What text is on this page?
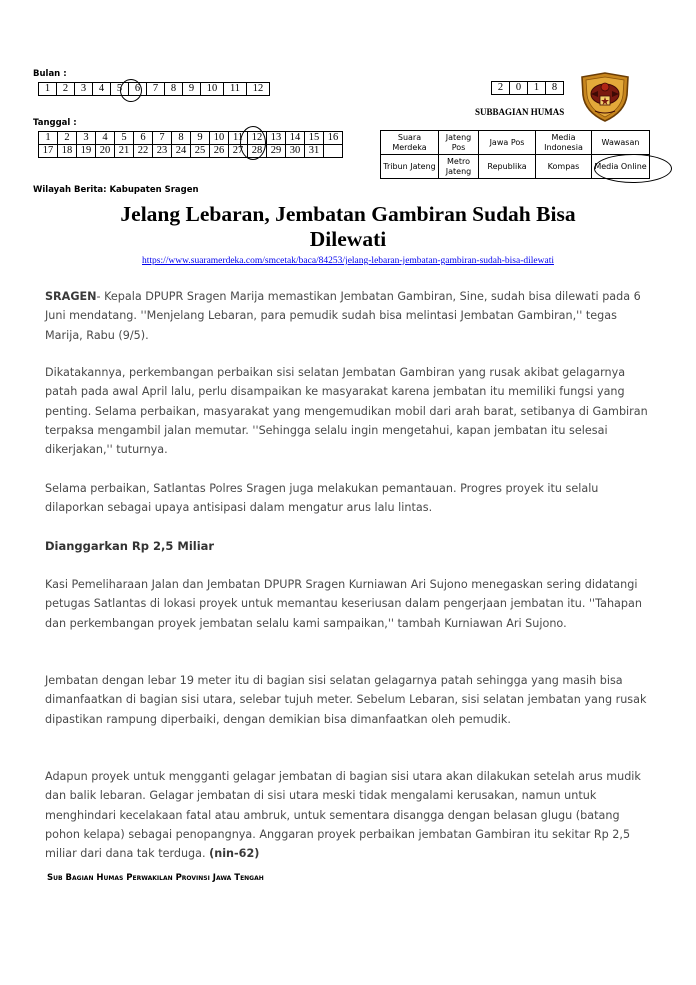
Bulan :
1	2	3	4	5	6	7	8	9	10	11	12
Tanggal :
1	2	3	4	5	6	7	8	9	10	11	12	13	14	15	16
17	18	19	20	21	22	23	24	25	26	27	28	29	30	31	
2	0	1	8
SUBBAGIAN HUMAS
Suara Merdeka	Jateng Pos	Jawa Pos	Media Indonesia	Wawasan
Tribun Jateng	Metro Jateng	Republika	Kompas	Media Online
Wilayah Berita: Kabupaten Sragen
Jelang Lebaran, Jembatan Gambiran Sudah Bisa
Dilewati
https://www.suaramerdeka.com/smcetak/baca/84253/jelang-lebaran-jembatan-gambiran-sudah-bisa-dilewati

SRAGEN- Kepala DPUPR Sragen Marija memastikan Jembatan Gambiran, Sine, sudah bisa dilewati pada 6 Juni mendatang. ''Menjelang Lebaran, para pemudik sudah bisa melintasi Jembatan Gambiran,'' tegas Marija, Rabu (9/5).

Dikatakannya, perkembangan perbaikan sisi selatan Jembatan Gambiran yang rusak akibat gelagarnya patah pada awal April lalu, perlu disampaikan ke masyarakat karena jembatan itu memiliki fungsi yang penting. Selama perbaikan, masyarakat yang mengemudikan mobil dari arah barat, setibanya di Gambiran terpaksa mengambil jalan memutar. ''Sehingga selalu ingin mengetahui, kapan jembatan itu selesai dikerjakan,'' tuturnya.

Selama perbaikan, Satlantas Polres Sragen juga melakukan pemantauan. Progres proyek itu selalu dilaporkan sebagai upaya antisipasi dalam mengatur arus lalu lintas.

Dianggarkan Rp 2,5 Miliar

Kasi Pemeliharaan Jalan dan Jembatan DPUPR Sragen Kurniawan Ari Sujono menegaskan sering didatangi petugas Satlantas di lokasi proyek untuk memantau keseriusan dalam pengerjaan jembatan itu. ''Tahapan dan perkembangan proyek jembatan selalu kami sampaikan,'' tambah Kurniawan Ari Sujono.

Jembatan dengan lebar 19 meter itu di bagian sisi selatan gelagarnya patah sehingga yang masih bisa dimanfaatkan di bagian sisi utara, selebar tujuh meter. Sebelum Lebaran, sisi selatan jembatan yang rusak dipastikan rampung diperbaiki, dengan demikian bisa dimanfaatkan oleh pemudik.

Adapun proyek untuk mengganti gelagar jembatan di bagian sisi utara akan dilakukan setelah arus mudik dan balik lebaran. Gelagar jembatan di sisi utara meski tidak mengalami kerusakan, namun untuk menghindari kecelakaan fatal atau ambruk, untuk sementara disangga dengan belasan glugu (batang pohon kelapa) sebagai penopangnya. Anggaran proyek perbaikan jembatan Gambiran itu sekitar Rp 2,5 miliar dari dana tak terduga. (nin-62)

Sub Bagian Humas Perwakilan Provinsi Jawa Tengah
